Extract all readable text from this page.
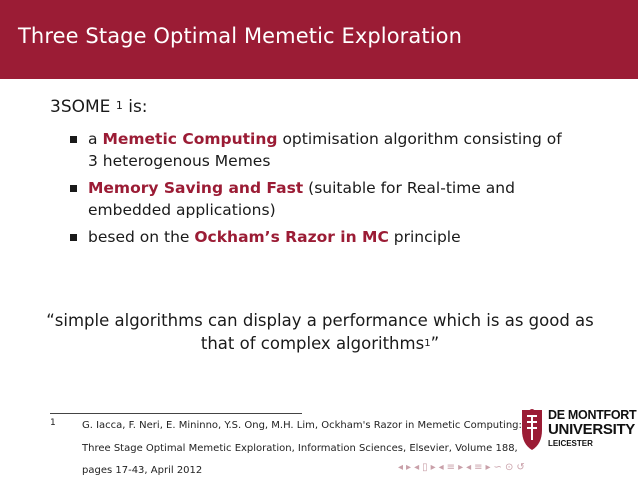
Three Stage Optimal Memetic Exploration
3SOME $^1$ is:
a Memetic Computing optimisation algorithm consisting of
3 heterogenous Memes
Memory Saving and Fast (suitable for Real-time and
embedded applications)
besed on the Ockham’s Razor in MC principle
“simple algorithms can display a performance which is as good as
that of complex algorithms$^1$”
1	G. Iacca, F. Neri, E. Mininno, Y.S. Ong, M.H. Lim, Ockham's Razor in Memetic Computing:
Three Stage Optimal Memetic Exploration, Information Sciences, Elsevier, Volume 188,
pages 17-43, April 2012
DE MONTFORT
UNIVERSITY
LEICESTER
◂ ▸ ◂ ▯ ▸ ◂ ≡ ▸ ◂ ≡ ▸ ∽ ⊙ ↺
